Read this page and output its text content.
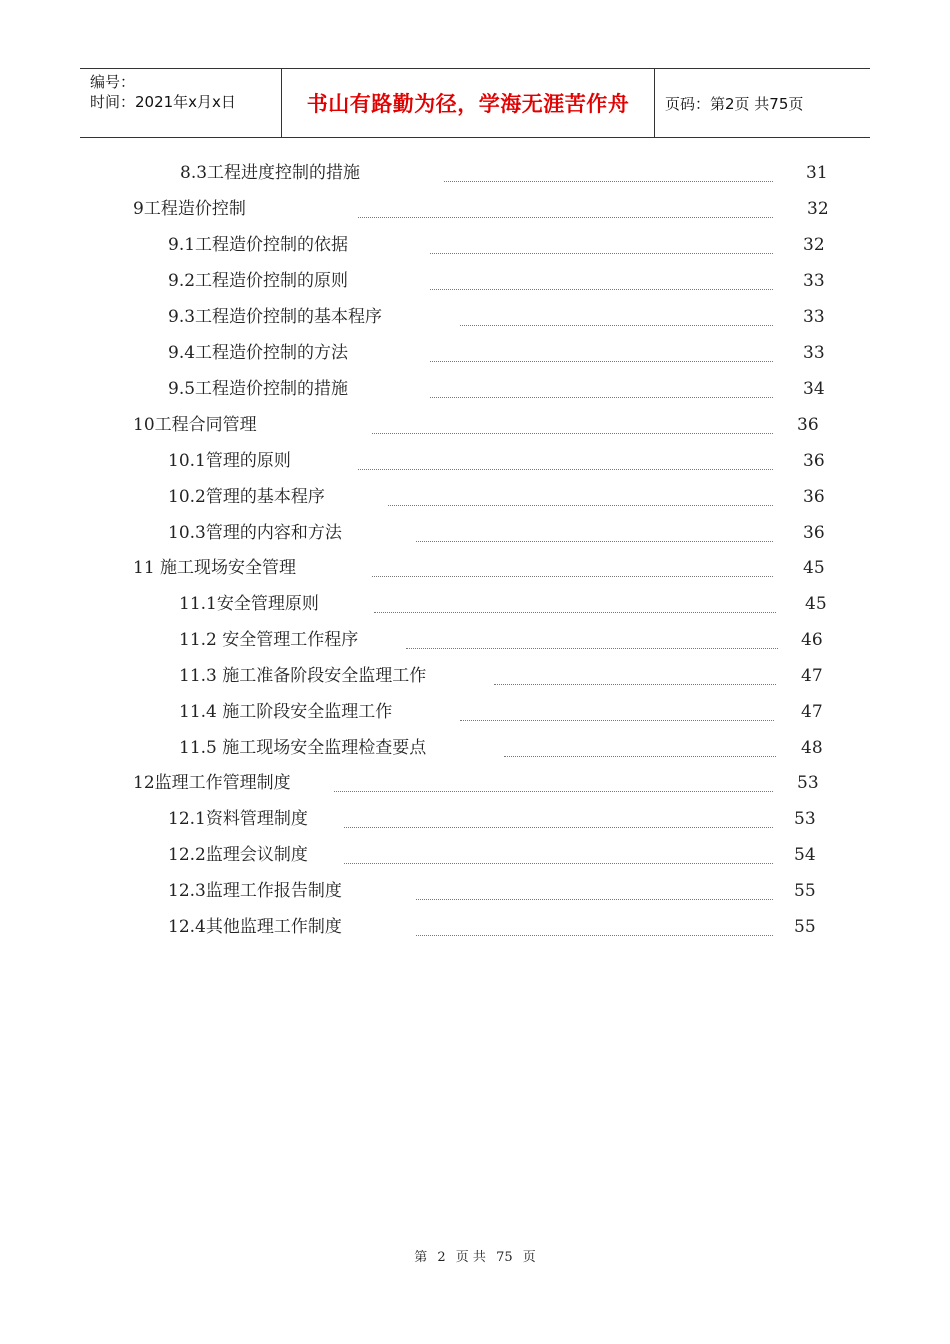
编号：
时间：2021年x月x日	书山有路勤为径，学海无涯苦作舟 页码：第2页 共75页
8.3工程进度控制的措施	31
9工程造价控制	32
9.1工程造价控制的依据	32
9.2工程造价控制的原则	33
9.3工程造价控制的基本程序	33
9.4工程造价控制的方法	33
9.5工程造价控制的措施	34
10工程合同管理	36
10.1管理的原则	36
10.2管理的基本程序	36
10.3管理的内容和方法	36
11 施工现场安全管理	45
11.1安全管理原则	45
11.2 安全管理工作程序	46
11.3 施工准备阶段安全监理工作	47
11.4 施工阶段安全监理工作	47
11.5 施工现场安全监理检查要点	48
12监理工作管理制度	53
12.1资料管理制度	53
12.2监理会议制度	54
12.3监理工作报告制度	55
12.4其他监理工作制度	55
第 2 页 共 75 页
